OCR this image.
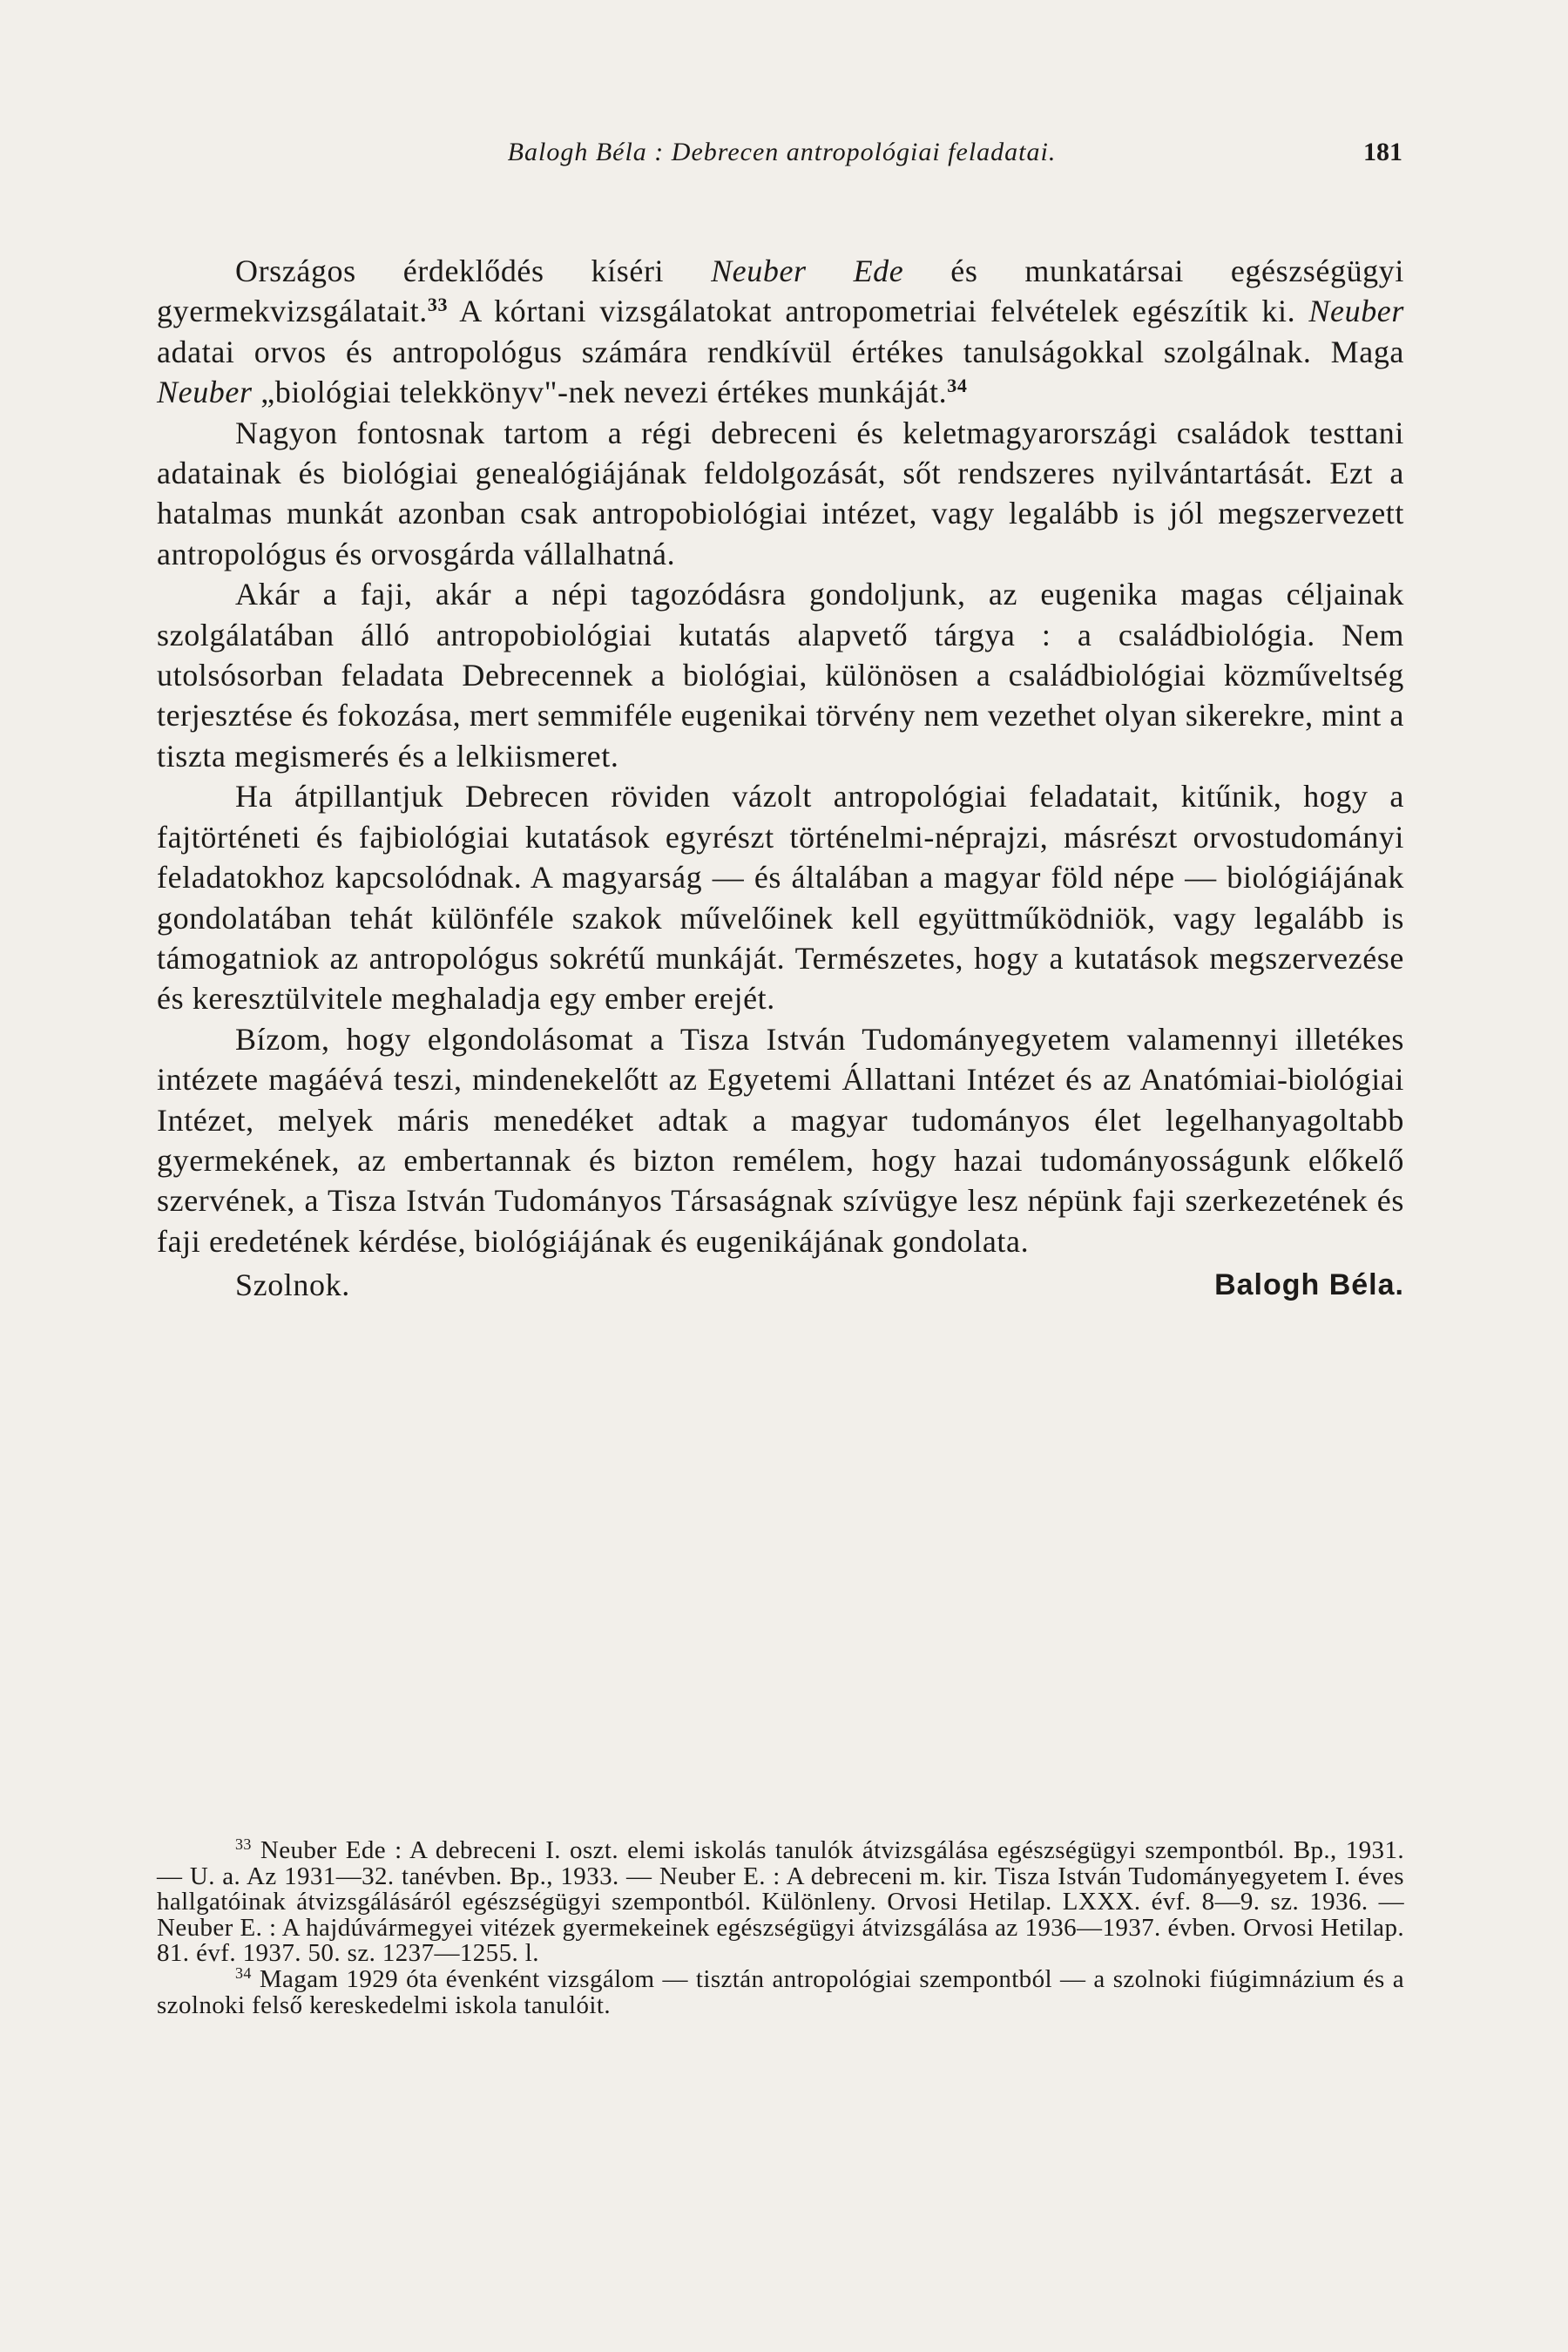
Balogh Béla : Debrecen antropológiai feladatai.	181

Országos érdeklődés kíséri Neuber Ede és munkatársai egészségügyi gyermekvizsgálatait.$^{33}$ A kórtani vizsgálatokat antropometriai felvételek egészítik ki. Neuber adatai orvos és antropológus számára rendkívül értékes tanulságokkal szolgálnak. Maga Neuber „biológiai telekkönyv"-nek nevezi értékes munkáját.$^{34}$

Nagyon fontosnak tartom a régi debreceni és keletmagyarországi családok testtani adatainak és biológiai genealógiájának feldolgozását, sőt rendszeres nyilvántartását. Ezt a hatalmas munkát azonban csak antropobiológiai intézet, vagy legalább is jól megszervezett antropológus és orvosgárda vállalhatná.

Akár a faji, akár a népi tagozódásra gondoljunk, az eugenika magas céljainak szolgálatában álló antropobiológiai kutatás alapvető tárgya : a családbiológia. Nem utolsósorban feladata Debrecennek a biológiai, különösen a családbiológiai közműveltség terjesztése és fokozása, mert semmiféle eugenikai törvény nem vezethet olyan sikerekre, mint a tiszta megismerés és a lelkiismeret.

Ha átpillantjuk Debrecen röviden vázolt antropológiai feladatait, kitűnik, hogy a fajtörténeti és fajbiológiai kutatások egyrészt történelmi-néprajzi, másrészt orvostudományi feladatokhoz kapcsolódnak. A magyarság — és általában a magyar föld népe — biológiájának gondolatában tehát különféle szakok művelőinek kell együttműködniök, vagy legalább is támogatniok az antropológus sokrétű munkáját. Természetes, hogy a kutatások megszervezése és keresztülvitele meghaladja egy ember erejét.

Bízom, hogy elgondolásomat a Tisza István Tudományegyetem valamennyi illetékes intézete magáévá teszi, mindenekelőtt az Egyetemi Állattani Intézet és az Anatómiai-biológiai Intézet, melyek máris menedéket adtak a magyar tudományos élet legelhanyagoltabb gyermekének, az embertannak és bizton remélem, hogy hazai tudományosságunk előkelő szervének, a Tisza István Tudományos Társaságnak szívügye lesz népünk faji szerkezetének és faji eredetének kérdése, biológiájának és eugenikájának gondolata.

Szolnok.	Balogh Béla.

$^{33}$ Neuber Ede : A debreceni I. oszt. elemi iskolás tanulók átvizsgálása egészségügyi szempontból. Bp., 1931. — U. a. Az 1931—32. tanévben. Bp., 1933. — Neuber E. : A debreceni m. kir. Tisza István Tudományegyetem I. éves hallgatóinak átvizsgálásáról egészségügyi szempontból. Különleny. Orvosi Hetilap. LXXX. évf. 8—9. sz. 1936. — Neuber E. : A hajdúvármegyei vitézek gyermekeinek egészségügyi átvizsgálása az 1936—1937. évben. Orvosi Hetilap. 81. évf. 1937. 50. sz. 1237—1255. l.

$^{34}$ Magam 1929 óta évenként vizsgálom — tisztán antropológiai szempontból — a szolnoki fiúgimnázium és a szolnoki felső kereskedelmi iskola tanulóit.
